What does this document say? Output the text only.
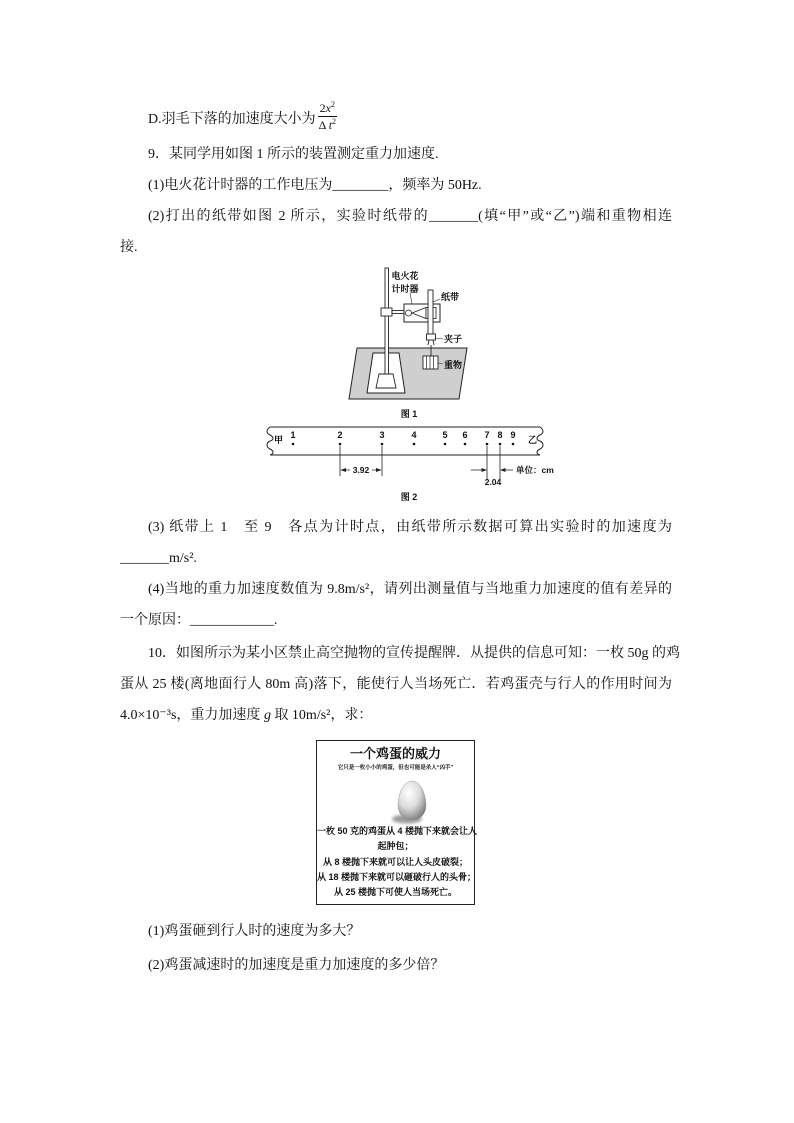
D.羽毛下落的加速度大小为 $\frac{2x^2}{\Delta t^2}$
9．某同学用如图 1 所示的装置测定重力加速度.
(1)电火花计时器的工作电压为________，频率为 50Hz.
(2)打出的纸带如图 2 所示，实验时纸带的_______(填“甲”或“乙”)端和重物相连
接.
电火花
计时器
纸带
夹子
重物
图 1
甲	乙
1	2	3	4	5 6 7 8 9
3.92
2.04
单位：cm
图 2
(3) 纸带上 1　至 9　各点为计时点，由纸带所示数据可算出实验时的加速度为
_______m/s².
(4)当地的重力加速度数值为 9.8m/s²，请列出测量值与当地重力加速度的值有差异的
一个原因：____________.
10．如图所示为某小区禁止高空抛物的宣传提醒牌．从提供的信息可知：一枚 50g 的鸡
蛋从 25 楼(离地面行人 80m 高)落下，能使行人当场死亡．若鸡蛋壳与行人的作用时间为
4.0×10⁻³s，重力加速度 g 取 10m/s²，求：
一个鸡蛋的威力
它只是一枚小小的鸡蛋，但也可能是杀人“凶手”
一枚 50 克的鸡蛋从 4 楼抛下来就会让人
起肿包；
从 8 楼抛下来就可以让人头皮破裂；
从 18 楼抛下来就可以砸破行人的头骨；
从 25 楼抛下可使人当场死亡。
(1)鸡蛋砸到行人时的速度为多大？
(2)鸡蛋减速时的加速度是重力加速度的多少倍？
